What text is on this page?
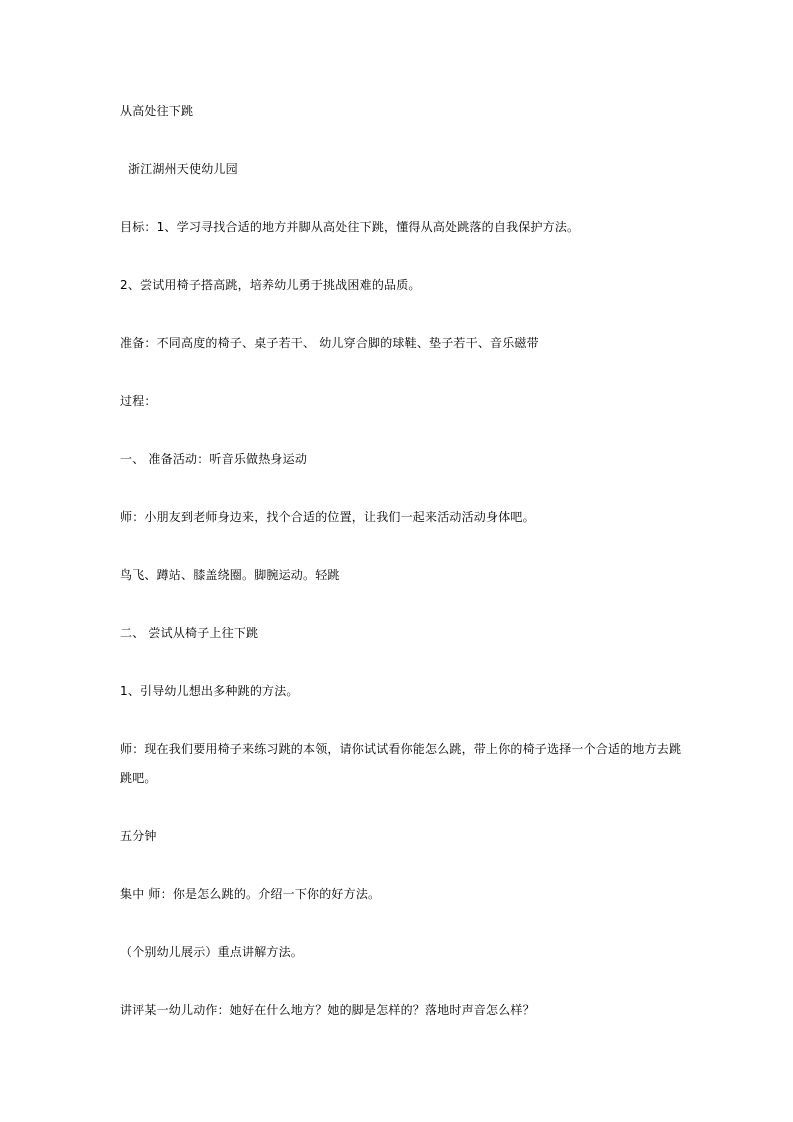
从高处往下跳
浙江湖州天使幼儿园
目标：1、学习寻找合适的地方并脚从高处往下跳，懂得从高处跳落的自我保护方法。
2、尝试用椅子搭高跳，培养幼儿勇于挑战困难的品质。
准备：不同高度的椅子、桌子若干、 幼儿穿合脚的球鞋、垫子若干、音乐磁带
过程：
一、 准备活动：听音乐做热身运动
师：小朋友到老师身边来，找个合适的位置，让我们一起来活动活动身体吧。
鸟飞、蹲站、膝盖绕圈。脚腕运动。轻跳
二、 尝试从椅子上往下跳
1、引导幼儿想出多种跳的方法。
师：现在我们要用椅子来练习跳的本领，请你试试看你能怎么跳，带上你的椅子选择一个合适的地方去跳
跳吧。
五分钟
集中 师：你是怎么跳的。介绍一下你的好方法。
（个别幼儿展示）重点讲解方法。
讲评某一幼儿动作：她好在什么地方？她的脚是怎样的？落地时声音怎么样？
